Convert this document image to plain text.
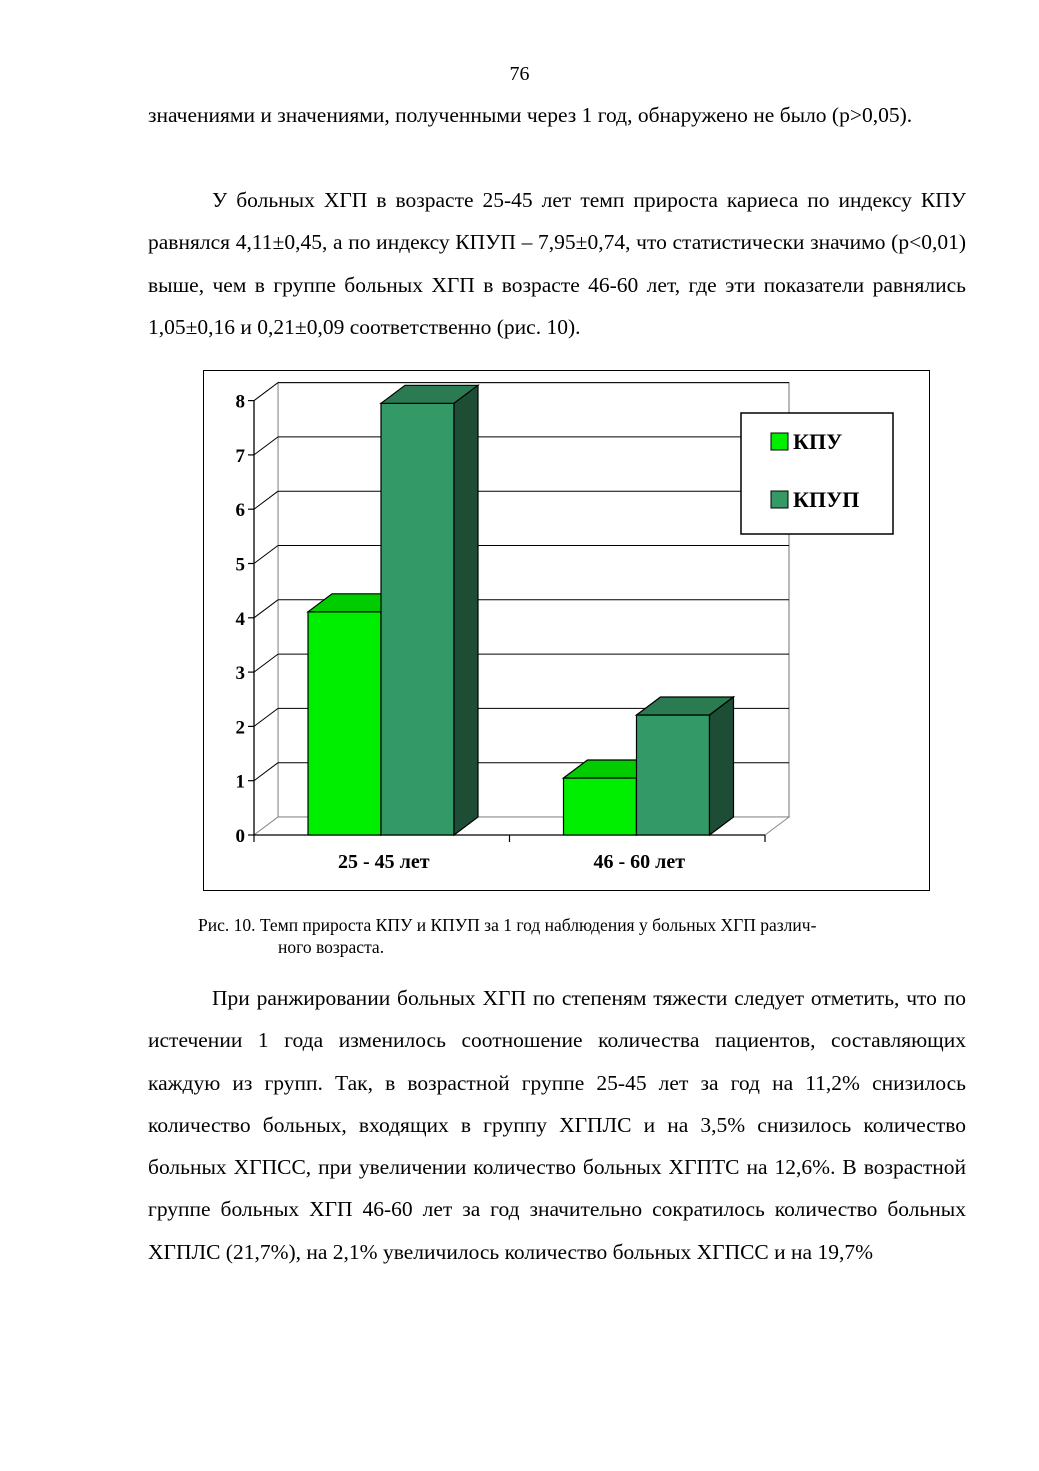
76

значениями и значениями, полученными через 1 год, обнаружено не было (р>0,05).

У больных ХГП в возрасте 25-45 лет темп прироста кариеса по индексу КПУ равнялся 4,11±0,45, а по индексу КПУП – 7,95±0,74, что статистически значимо (р<0,01) выше, чем в группе больных ХГП в возрасте 46-60 лет, где эти показатели равнялись 1,05±0,16 и 0,21±0,09 соответственно (рис. 10).

0
1
2
3
4
5
6
7
8
25 - 45 лет	46 - 60 лет
КПУ
КПУП
Рис. 10. Темп прироста КПУ и КПУП за 1 год наблюдения у больных ХГП различ-
ного возраста.

При ранжировании больных ХГП по степеням тяжести следует отметить, что по истечении 1 года изменилось соотношение количества пациентов, составляющих каждую из групп. Так, в возрастной группе 25-45 лет за год на 11,2% снизилось количество больных, входящих в группу ХГПЛС и на 3,5% снизилось количество больных ХГПСС, при увеличении количество больных ХГПТС на 12,6%. В возрастной группе больных ХГП 46-60 лет за год значительно сократилось количество больных ХГПЛС (21,7%), на 2,1% увеличилось количество больных ХГПСС и на 19,7%
